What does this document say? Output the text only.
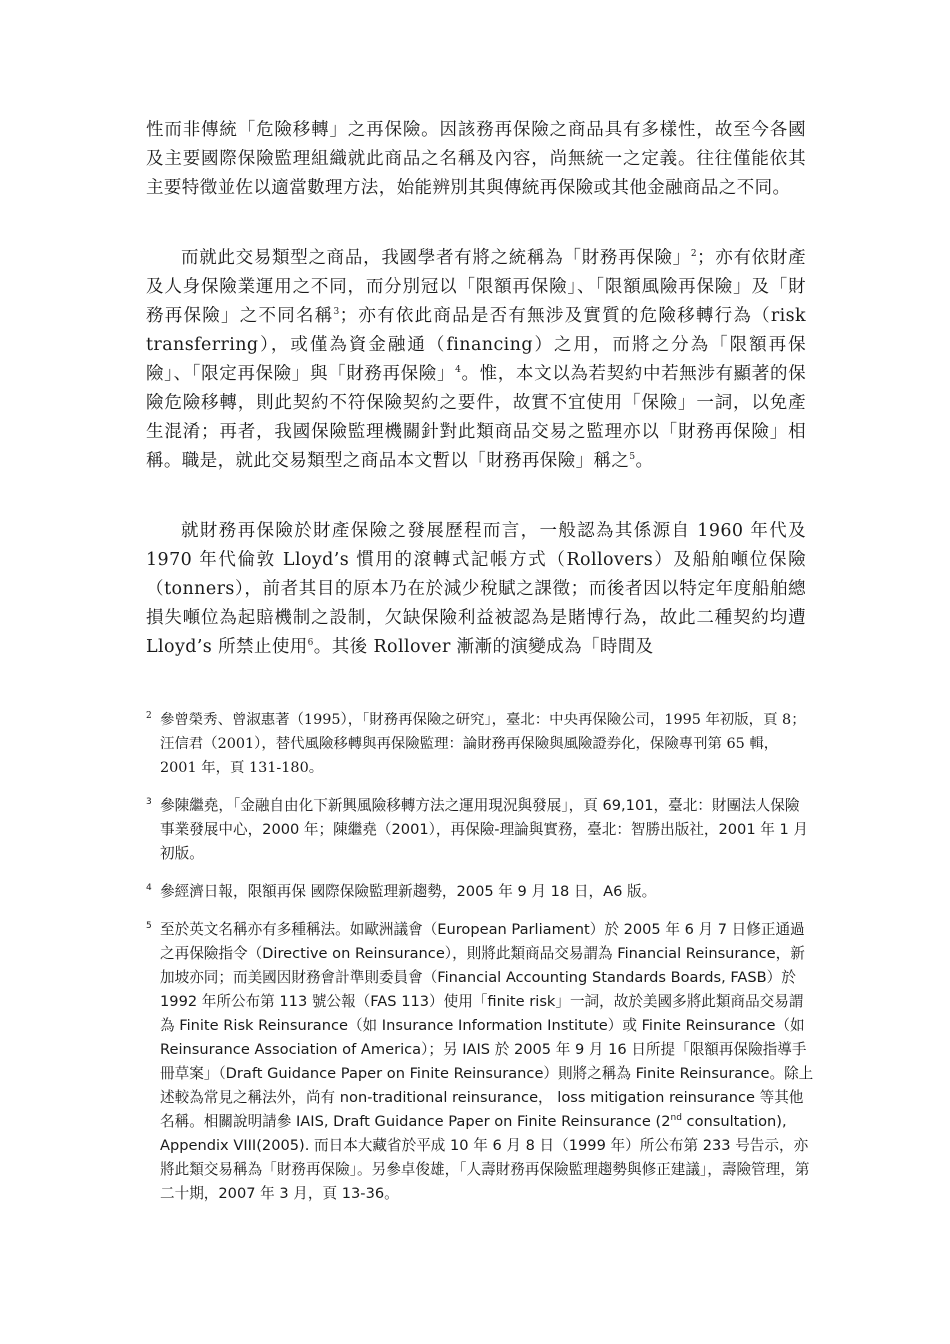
性而非傳統「危險移轉」之再保險。因該務再保險之商品具有多樣性，故至今各國及主要國際保險監理組織就此商品之名稱及內容，尚無統一之定義。往往僅能依其主要特徵並佐以適當數理方法，始能辨別其與傳統再保險或其他金融商品之不同。

而就此交易類型之商品，我國學者有將之統稱為「財務再保險」$^2$；亦有依財產及人身保險業運用之不同，而分別冠以「限額再保險」、「限額風險再保險」及「財務再保險」之不同名稱$^3$；亦有依此商品是否有無涉及實質的危險移轉行為（risk transferring），或僅為資金融通（financing）之用，而將之分為「限額再保險」、「限定再保險」與「財務再保險」$^4$。惟，本文以為若契約中若無涉有顯著的保險危險移轉，則此契約不符保險契約之要件，故實不宜使用「保險」一詞，以免產生混淆；再者，我國保險監理機關針對此類商品交易之監理亦以「財務再保險」相稱。職是，就此交易類型之商品本文暫以「財務再保險」稱之$^5$。

就財務再保險於財產保險之發展歷程而言，一般認為其係源自 1960 年代及 1970 年代倫敦 Lloyd’s 慣用的滾轉式記帳方式（Rollovers）及船舶噸位保險（tonners），前者其目的原本乃在於減少稅賦之課徵；而後者因以特定年度船舶總損失噸位為起賠機制之設制，欠缺保險利益被認為是賭博行為，故此二種契約均遭 Lloyd’s 所禁止使用$^6$。其後 Rollover 漸漸的演變成為「時間及

2 參曾榮秀、曾淑惠著（1995），「財務再保險之研究」，臺北：中央再保險公司，1995 年初版，頁 8；汪信君（2001），替代風險移轉與再保險監理：論財務再保險與風險證券化，保險專刊第 65 輯，2001 年，頁 131-180。
3 參陳繼堯，「金融自由化下新興風險移轉方法之運用現況與發展」，頁 69,101，臺北：財團法人保險事業發展中心，2000 年；陳繼堯（2001），再保險-理論與實務，臺北：智勝出版社，2001 年 1 月初版。
4 參經濟日報，限額再保 國際保險監理新趨勢，2005 年 9 月 18 日，A6 版。
5 至於英文名稱亦有多種稱法。如歐洲議會（European Parliament）於 2005 年 6 月 7 日修正通過之再保險指令（Directive on Reinsurance），則將此類商品交易謂為 Financial Reinsurance，新加坡亦同；而美國因財務會計準則委員會（Financial Accounting Standards Boards, FASB）於 1992 年所公布第 113 號公報（FAS 113）使用「finite risk」一詞，故於美國多將此類商品交易謂為 Finite Risk Reinsurance（如 Insurance Information Institute）或 Finite Reinsurance（如 Reinsurance Association of America）；另 IAIS 於 2005 年 9 月 16 日所提「限額再保險指導手冊草案」（Draft Guidance Paper on Finite Reinsurance）則將之稱為 Finite Reinsurance。除上述較為常見之稱法外，尚有 non-traditional reinsurance， loss mitigation reinsurance 等其他名稱。相關說明請參 IAIS, Draft Guidance Paper on Finite Reinsurance (2nd consultation), Appendix VIII(2005). 而日本大藏省於平成 10 年 6 月 8 日（1999 年）所公布第 233 号告示，亦將此類交易稱為「財務再保險」。另參卓俊雄，「人壽財務再保險監理趨勢與修正建議」，壽險管理，第二十期，2007 年 3 月，頁 13-36。
